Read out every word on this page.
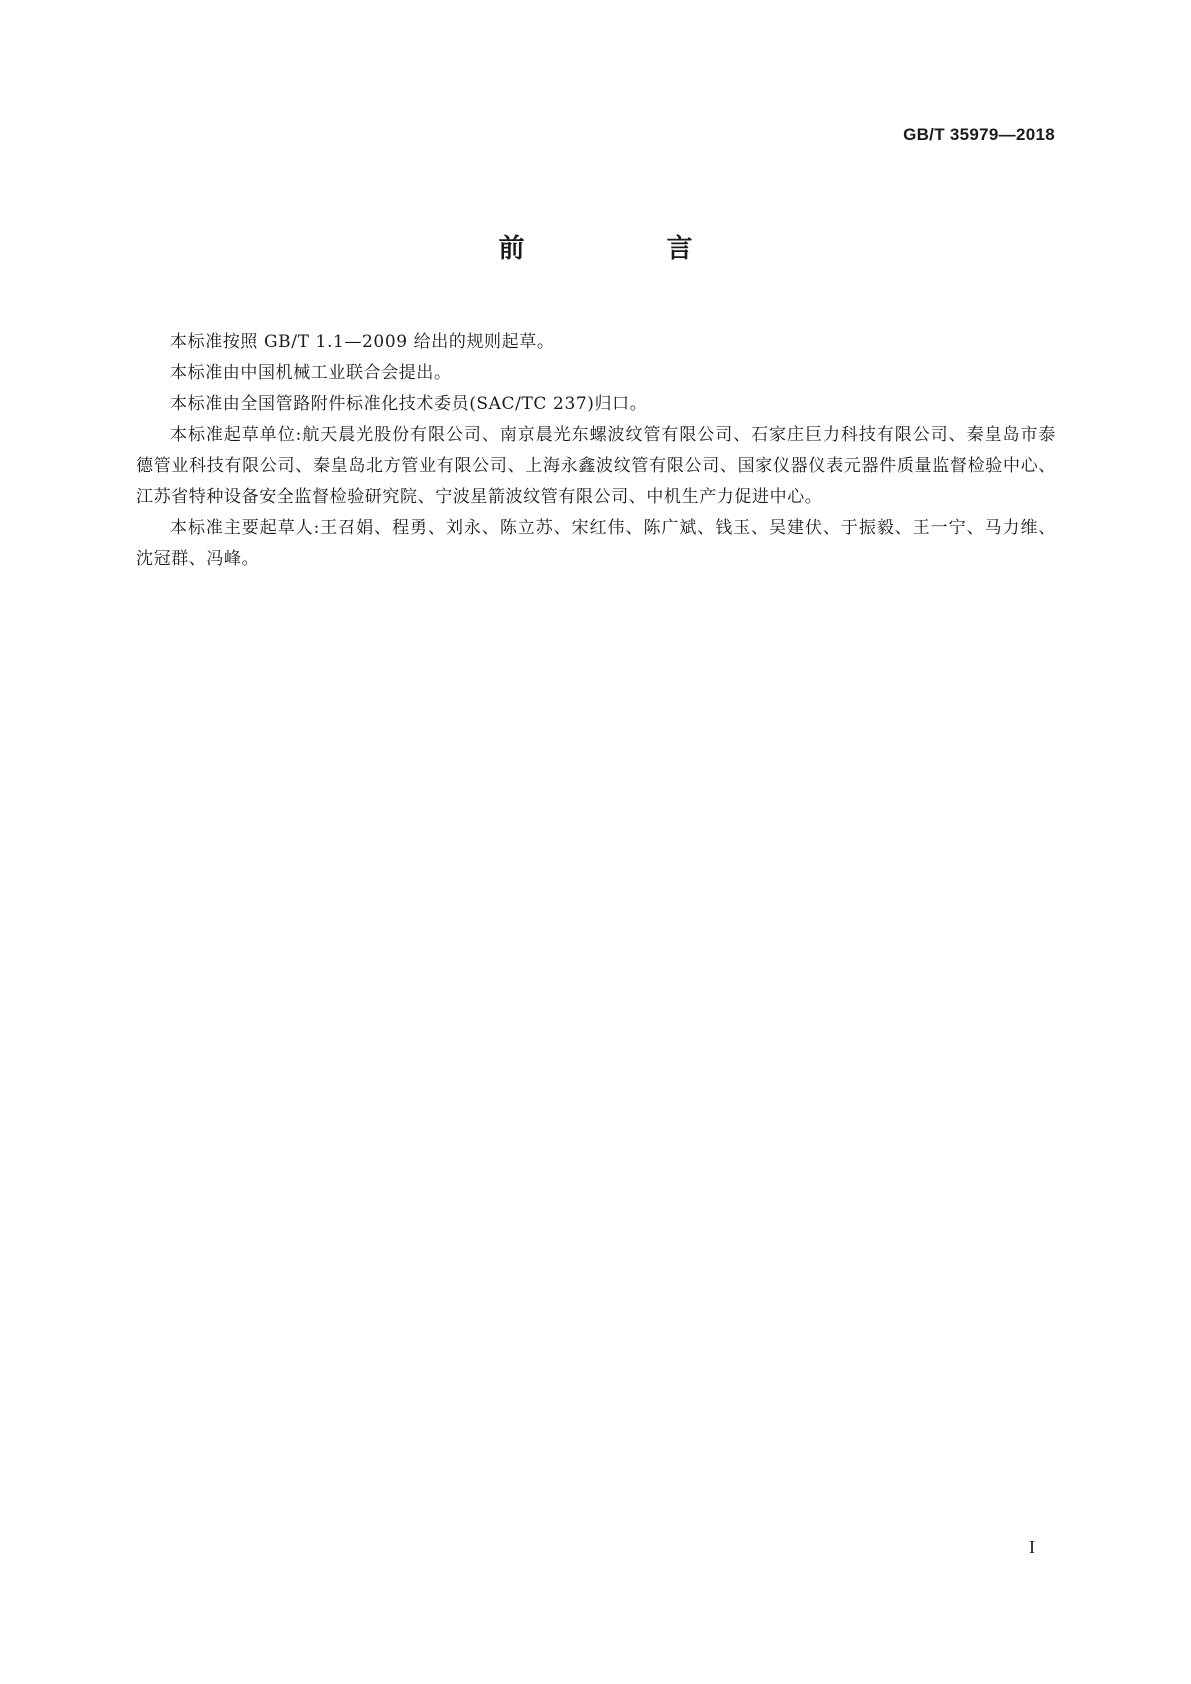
GB/T 35979—2018
前　言

本标准按照 GB/T 1.1—2009 给出的规则起草。

本标准由中国机械工业联合会提出。

本标准由全国管路附件标准化技术委员(SAC/TC 237)归口。

本标准起草单位:航天晨光股份有限公司、南京晨光东螺波纹管有限公司、石家庄巨力科技有限公司、秦皇岛市泰德管业科技有限公司、秦皇岛北方管业有限公司、上海永鑫波纹管有限公司、国家仪器仪表元器件质量监督检验中心、江苏省特种设备安全监督检验研究院、宁波星箭波纹管有限公司、中机生产力促进中心。

本标准主要起草人:王召娟、程勇、刘永、陈立苏、宋红伟、陈广斌、钱玉、吴建伏、于振毅、王一宁、马力维、沈冠群、冯峰。

I
